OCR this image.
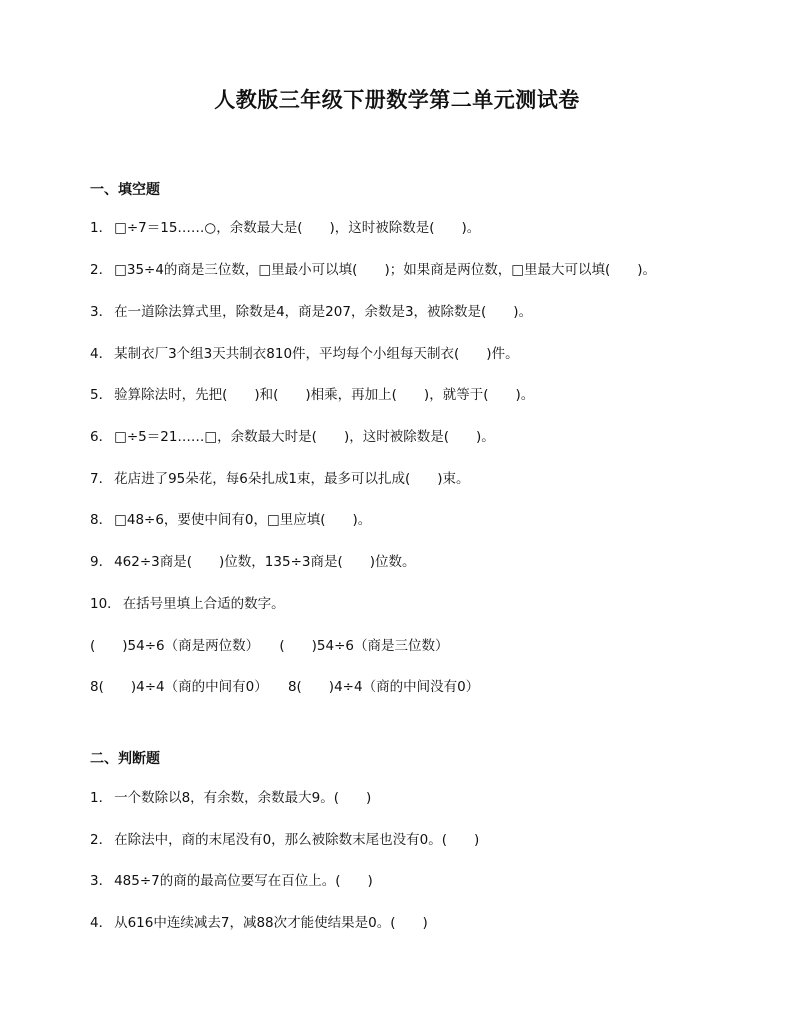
人教版三年级下册数学第二单元测试卷
一、填空题
1． □÷7＝15……○，余数最大是(　　)，这时被除数是(　　)。
2． □35÷4的商是三位数，□里最小可以填(　　)；如果商是两位数，□里最大可以填(　　)。
3． 在一道除法算式里，除数是4，商是207，余数是3，被除数是(　　)。
4． 某制衣厂3个组3天共制衣810件，平均每个小组每天制衣(　　)件。
5． 验算除法时，先把(　　)和(　　)相乘，再加上(　　)，就等于(　　)。
6． □÷5＝21……□，余数最大时是(　　)，这时被除数是(　　)。
7． 花店进了95朵花，每6朵扎成1束，最多可以扎成(　　)束。
8． □48÷6，要使中间有0，□里应填(　　)。
9． 462÷3商是(　　)位数，135÷3商是(　　)位数。
10． 在括号里填上合适的数字。
(　　)54÷6（商是两位数）　　(　　)54÷6（商是三位数）
8(　　)4÷4（商的中间有0）　　8(　　)4÷4（商的中间没有0）
二、判断题
1． 一个数除以8，有余数，余数最大9。(　　)
2． 在除法中，商的末尾没有0，那么被除数末尾也没有0。(　　)
3． 485÷7的商的最高位要写在百位上。(　　)
4． 从616中连续减去7，减88次才能使结果是0。(　　)
